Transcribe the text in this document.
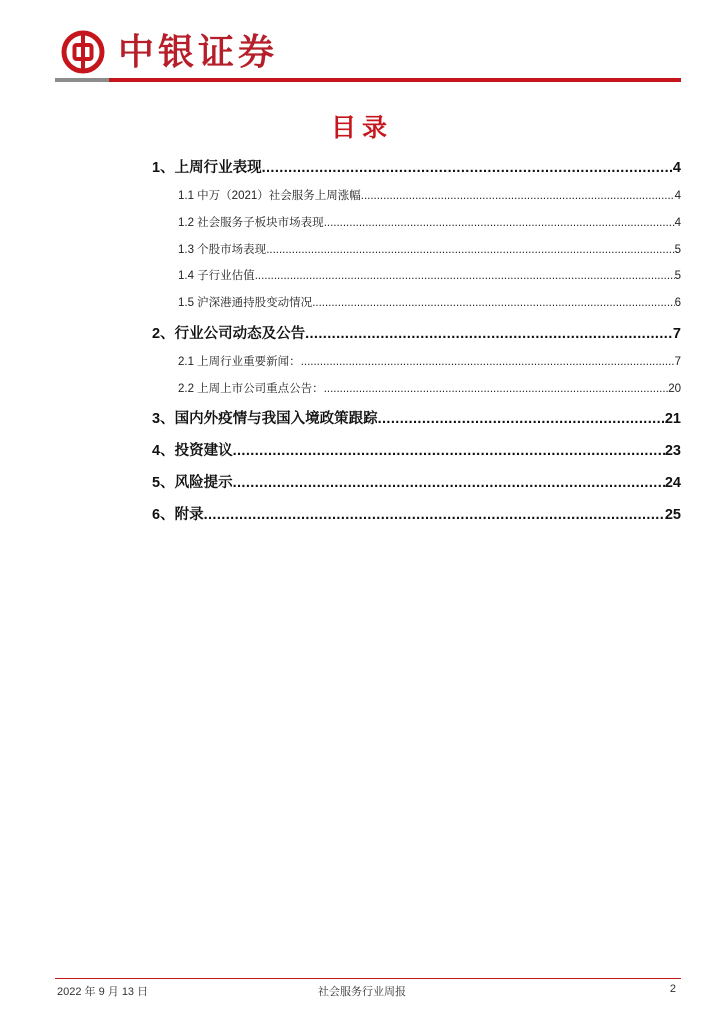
中银证券
目录
1、上周行业表现 .....	4
1.1 中万（2021）社会服务上周涨幅 .....	4
1.2 社会服务子板块市场表现 .....	4
1.3 个股市场表现 .....	5
1.4 子行业估值 .....	5
1.5 沪深港通持股变动情况 .....	6
2、行业公司动态及公告 .....	7
2.1 上周行业重要新闻： .....	7
2.2 上周上市公司重点公告： .....	20
3、国内外疫情与我国入境政策跟踪 .....	21
4、投资建议 .....	23
5、风险提示 .....	24
6、附录 .....	25
2022 年 9 月 13 日	社会服务行业周报	2
